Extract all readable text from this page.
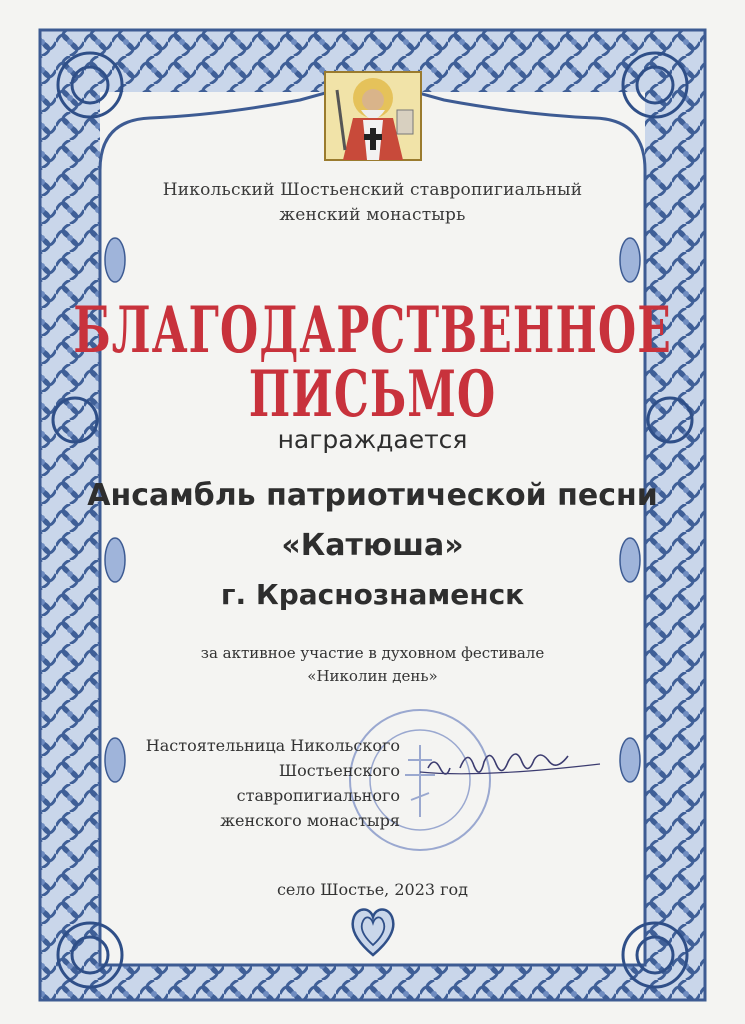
Никольский Шостьенский ставропигиальный
женский монастырь
БЛАГОДАРСТВЕННОЕ ПИСЬМО
награждается
Ансамбль патриотической песни
«Катюша»
г. Краснознаменск
за активное участие в духовном фестивале
«Николин день»
Настоятельница Никольского
Шостьенского ставропигиального
женского монастыря
село Шостье, 2023 год
